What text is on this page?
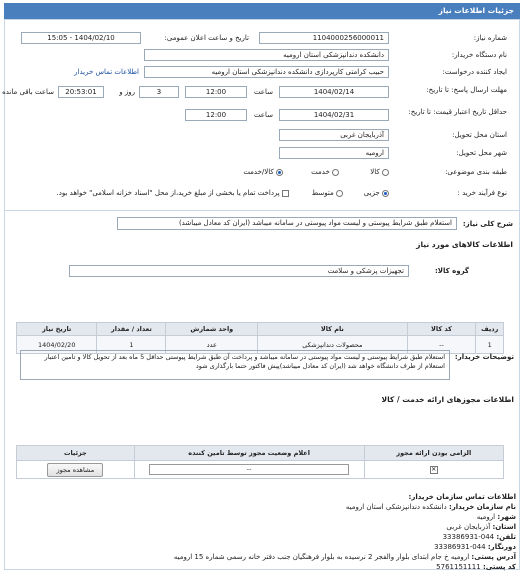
جزئیات اطلاعات نیاز
شماره نیاز:
1104000256000011
تاریخ و ساعت اعلان عمومی:
1404/02/10 - 15:05
نام دستگاه خریدار:
دانشکده دندانپزشکی استان ارومیه
ایجاد کننده درخواست:
حبیب کرامتی کارپردازی دانشکده دندانپزشکی استان ارومیه
اطلاعات تماس خریدار
مهلت ارسال پاسخ: تا تاریخ:
1404/02/14
ساعت
12:00
3
روز و
20:53:01
ساعت باقی مانده
حداقل تاریخ اعتبار قیمت: تا تاریخ:
1404/02/31
ساعت
12:00
استان محل تحویل:
آذربایجان غربی
شهر محل تحویل:
ارومیه
طبقه بندی موضوعی:
کالا
خدمت
کالا/خدمت
نوع فرآیند خرید :
جزیی
متوسط
پرداخت تمام یا بخشی از مبلغ خرید،از محل "اسناد خزانه اسلامی" خواهد بود.
شرح کلی نیاز:
استعلام طبق شرایط پیوستی و لیست مواد پیوستی در سامانه میباشد (ایران کد معادل میباشد)
اطلاعات کالاهای مورد نیاز
گروه کالا:
تجهیزات پزشکی و سلامت
ردیف	کد کالا	نام کالا	واحد شمارش	تعداد / مقدار	تاریخ نیاز
1	--	محصولات دندانپزشکی	عدد	1	1404/02/20
توضیحات خریدار:
استعلام طبق شرایط پیوستی و لیست مواد پیوستی در سامانه میباشد و پرداخت آن طبق شرایط پیوستی حداقل 5 ماه بعد از تحویل کالا و تامین اعتبار استعلام از طرف دانشگاه خواهد شد (ایران کد معادل میباشد)پیش فاکتور حتما بارگذاری شود
اطلاعات مجوزهای ارائه خدمت / کالا
الزامی بودن ارائه مجوز	اعلام وضعیت مجوز توسط تامین کننده	جزئیات
✕	--	مشاهده مجوز
اطلاعات تماس سازمان خریدار:
نام سازمان خریدار: دانشکده دندانپزشکی استان ارومیه
شهر: ارومیه
استان: آذربایجان غربی
تلفن: 044-33386931
دورنگار: 044-33386931
آدرس پستی: ارومیه خ جام ابتدای بلوار والفجر 2 نرسیده به بلوار فرهنگیان جنب دفتر خانه رسمی شماره 15 ارومیه
کد پستی: 5761151111
